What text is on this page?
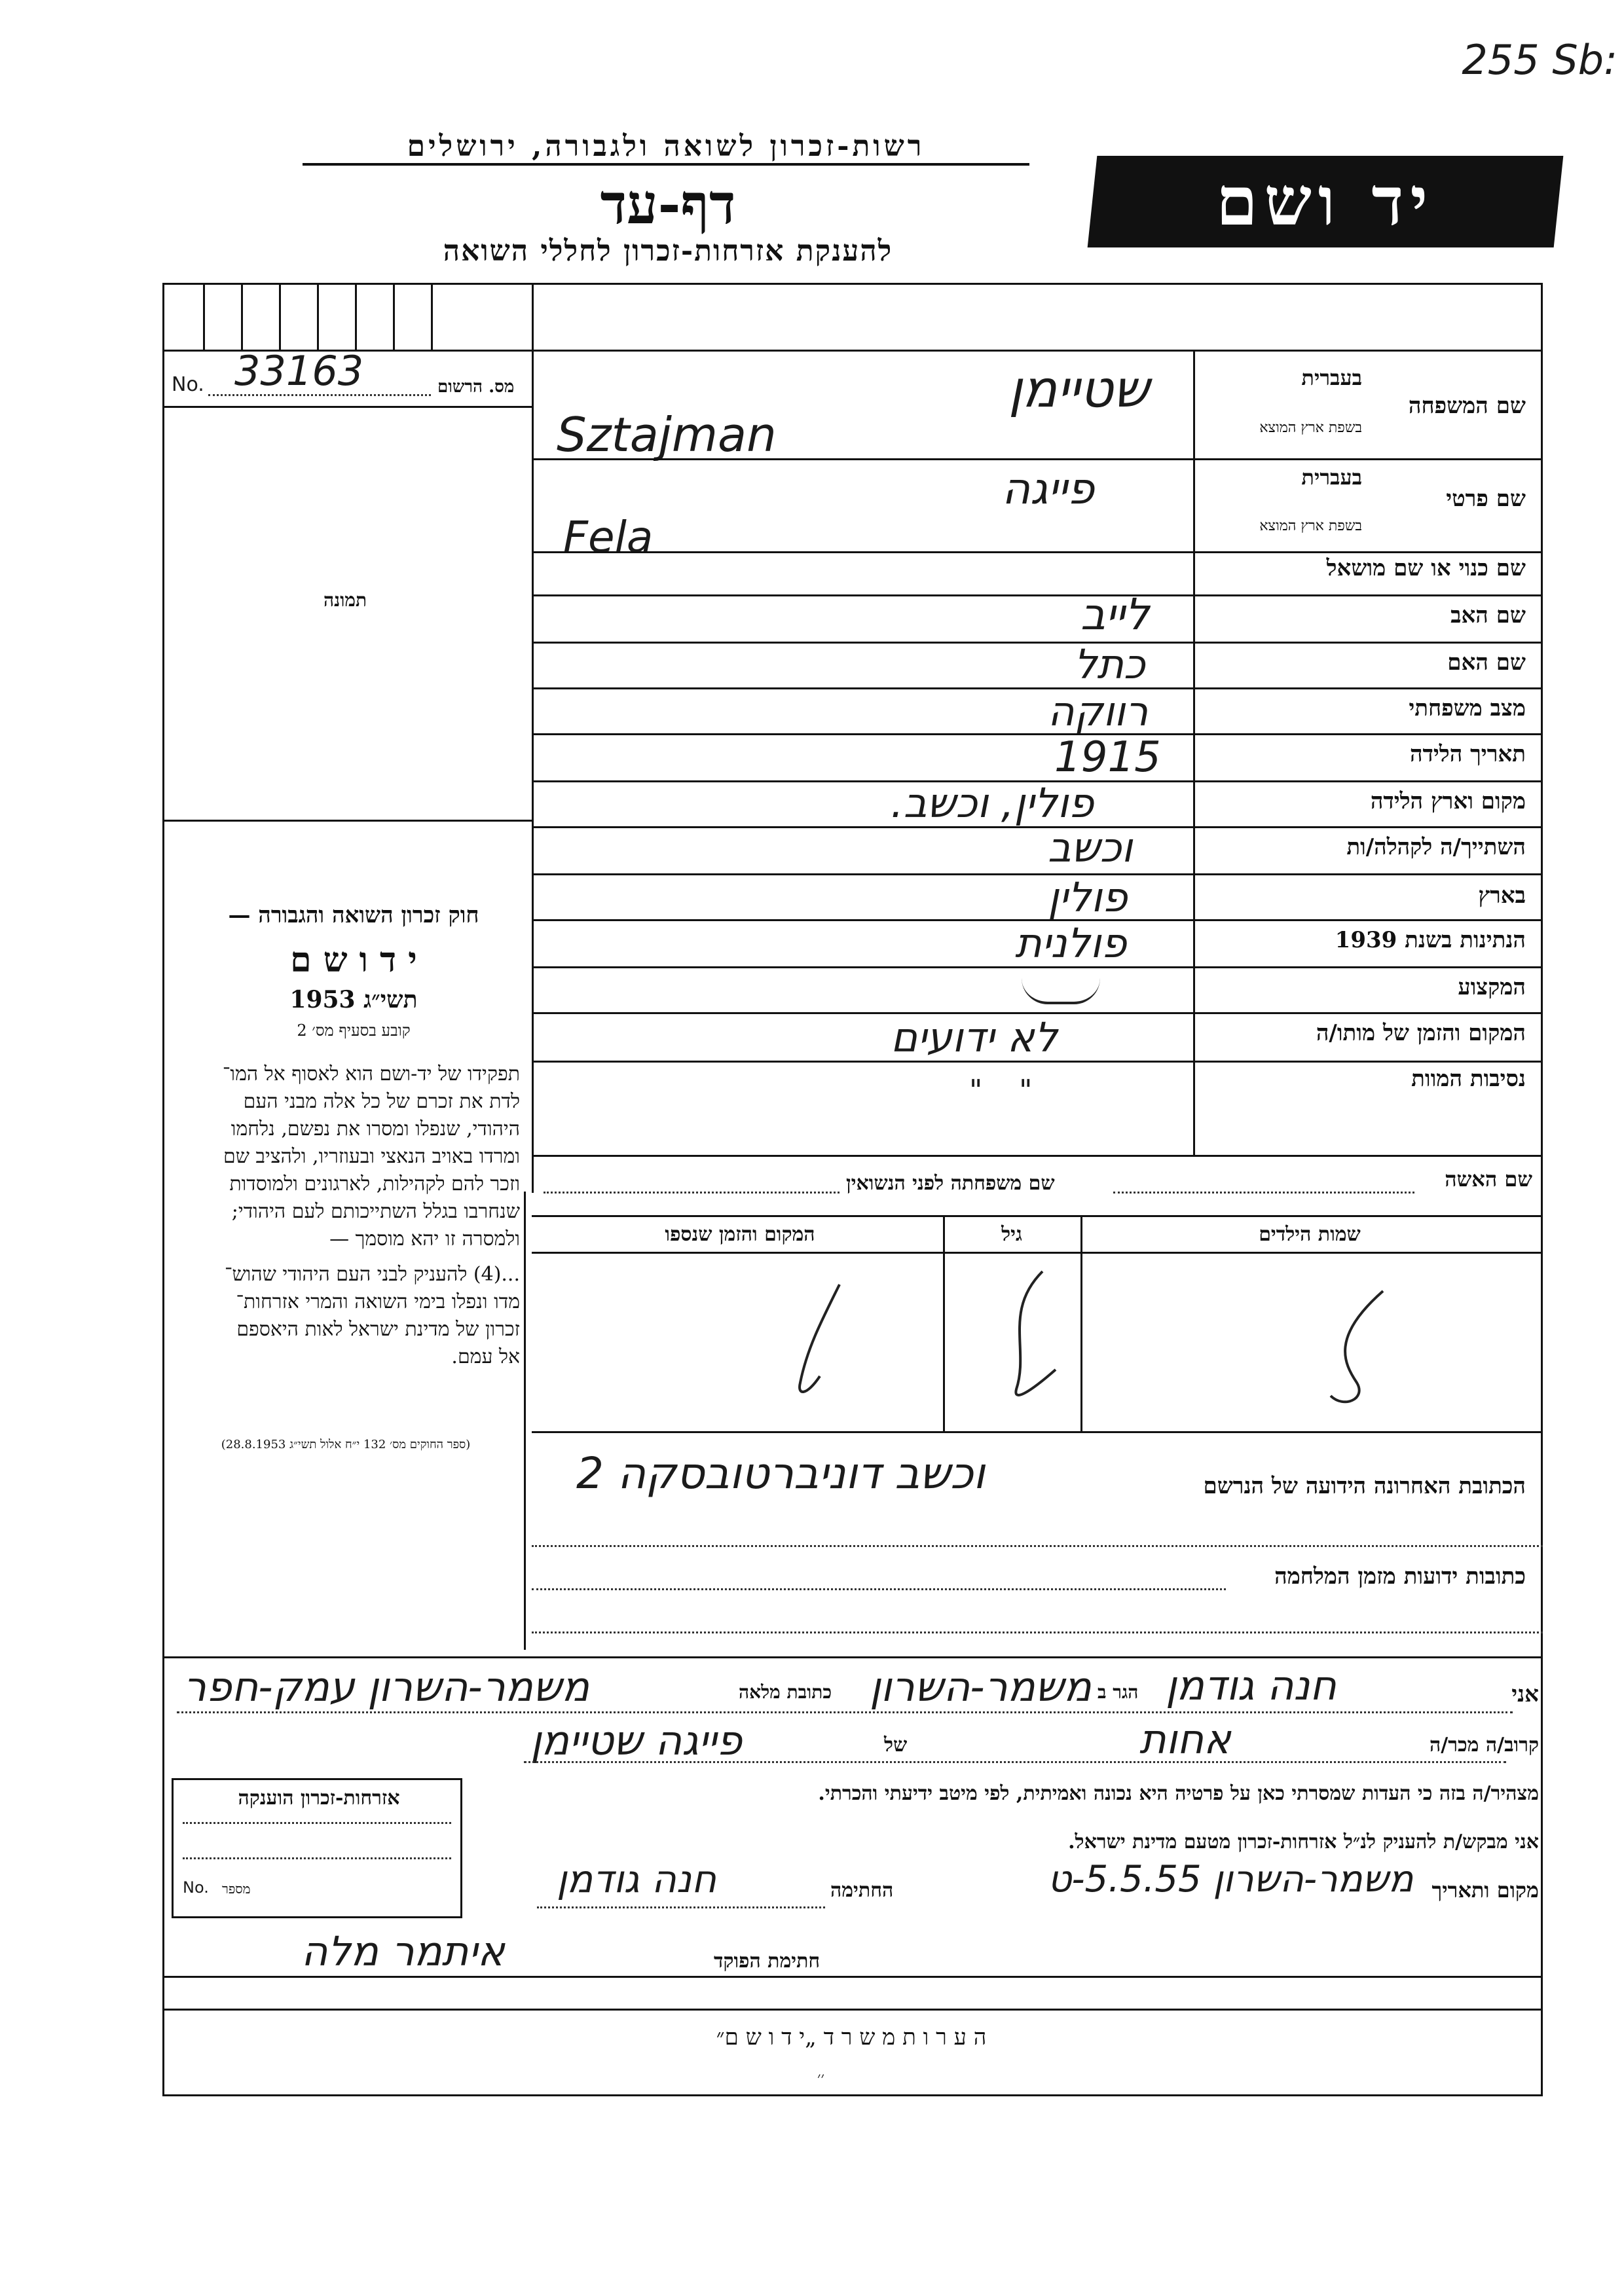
255 Sb:
רשות-זכרון לשואה ולגבורה, ירושלים
דף-עד
להענקת אזרחות-זכרון לחללי השואה
יד ושם
No. 33163	מס. הרשום
תמונה
חוק זכרון השואה והגבורה —
י ד ו ש ם
תשי״ג 1953
קובע בסעיף מס׳ 2
תפקידו של יד-ושם הוא לאסוף אל המו־
לדת את זכרם של כל אלה מבני העם
היהודי, שנפלו ומסרו את נפשם, נלחמו
ומרדו באויב הנאצי ובעוזריו, ולהציב שם
וזכר להם לקהילות, לארגונים ולמוסדות
שנחרבו בגלל השתייכותם לעם היהודי;
ולמסרה זו יהא מוסמך —
...(4) להעניק לבני העם היהודי שהוש־
מדו ונפלו בימי השואה והמרי אזרחות־
זכרון של מדינת ישראל לאות היאספם
אל עמם.
(ספר החוקים מס׳ 132 י״ח אלול תשי״ג 28.8.1953)
שם המשפחה
בעברית
בשפת ארץ המוצא
שטיימן
Sztajman
שם פרטי
בעברית
בשפת ארץ המוצא
פייגה
Fela
שם כנוי או שם מושאל
שם האב
לייב
שם האם
כתל
מצב משפחתי
רווקה
תאריך הלידה
1915
מקום וארץ הלידה
פולין, וכשב.
השתייך/ה לקהלה/ות
וכשב
בארץ
פולין
הנתינות בשנת 1939
פולנית
המקצוע
המקום והזמן של מותו/ה
לא ידועים
נסיבות המוות
"    "
שם האשה
שם משפחתה לפני הנשואין
שמות הילדים
גיל
המקום והזמן שנספו
הכתובת האחרונה הידועה של הנרשם
וכשב דוניברטובסקה 2
כתובות ידועות מזמן המלחמה
אני
חנה גודמן
הגר ב
משמר-השרון
כתובת מלאה
משמר-השרון עמק-חפר
קרוב/ה מכר/ה
אחות
של
פייגה שטיימן
מצהיר/ה בזה כי העדות שמסרתי כאן על פרטיה היא נכונה ואמיתית, לפי מיטב ידיעתי והכרתי.
אני מבקש/ת להעניק לנ״ל אזרחות-זכרון מטעם מדינת ישראל.
מקום ותאריך
משמר-השרון 5.5.55-ט
החתימה
חנה גודמן
חתימת הפוקד
איתמר מלה
אזרחות-זכרון הוענקה
No. מספר
ה ע ר ו ת מ ש ר ד „י ד ו ש ם״
׳׳
